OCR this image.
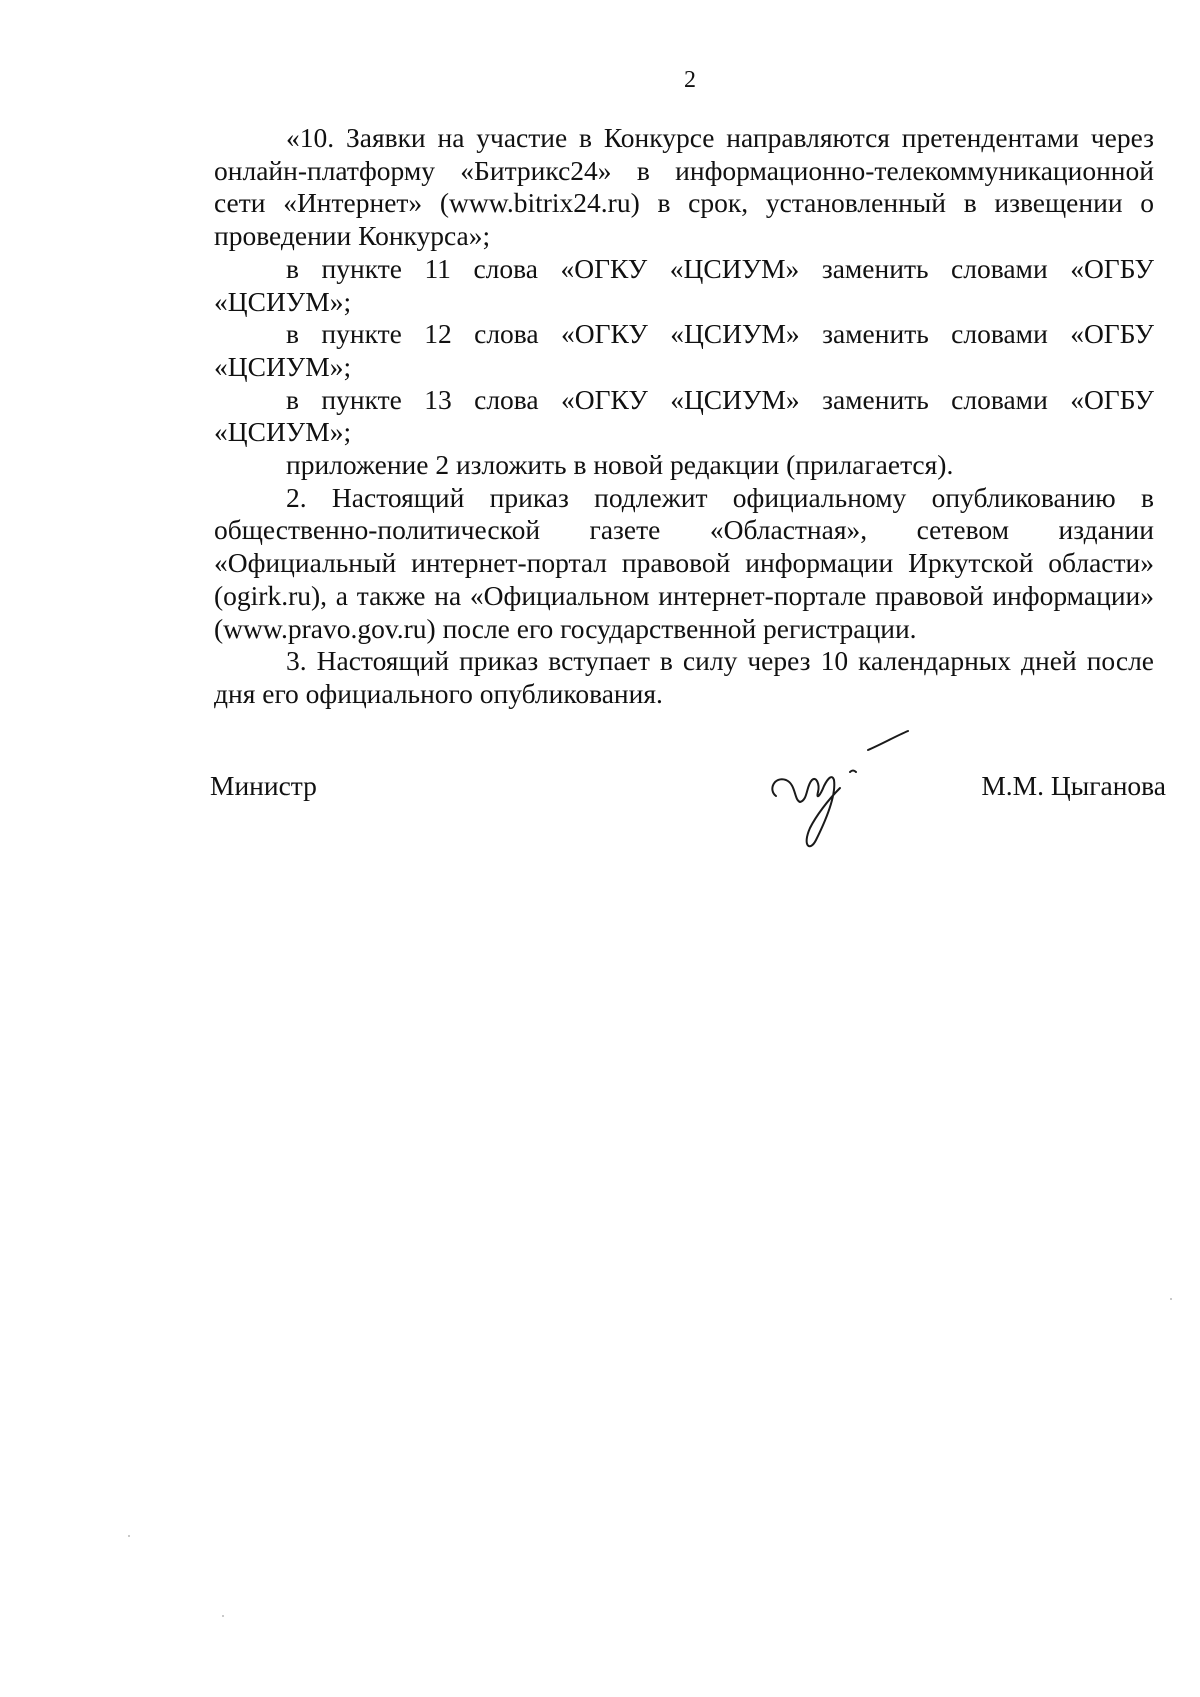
2

«10. Заявки на участие в Конкурсе направляются претендентами через онлайн-платформу «Битрикс24» в информационно-телекоммуникационной сети «Интернет» (www.bitrix24.ru) в срок, установленный в извещении о проведении Конкурса»;

в пункте 11 слова «ОГКУ «ЦСИУМ» заменить словами «ОГБУ «ЦСИУМ»;

в пункте 12 слова «ОГКУ «ЦСИУМ» заменить словами «ОГБУ «ЦСИУМ»;

в пункте 13 слова «ОГКУ «ЦСИУМ» заменить словами «ОГБУ «ЦСИУМ»;

приложение 2 изложить в новой редакции (прилагается).

2. Настоящий приказ подлежит официальному опубликованию в общественно-политической газете «Областная», сетевом издании «Официальный интернет-портал правовой информации Иркутской области» (ogirk.ru), а также на «Официальном интернет-портале правовой информации» (www.pravo.gov.ru) после его государственной регистрации.

3. Настоящий приказ вступает в силу через 10 календарных дней после дня его официального опубликования.

Министр	М.М. Цыганова
